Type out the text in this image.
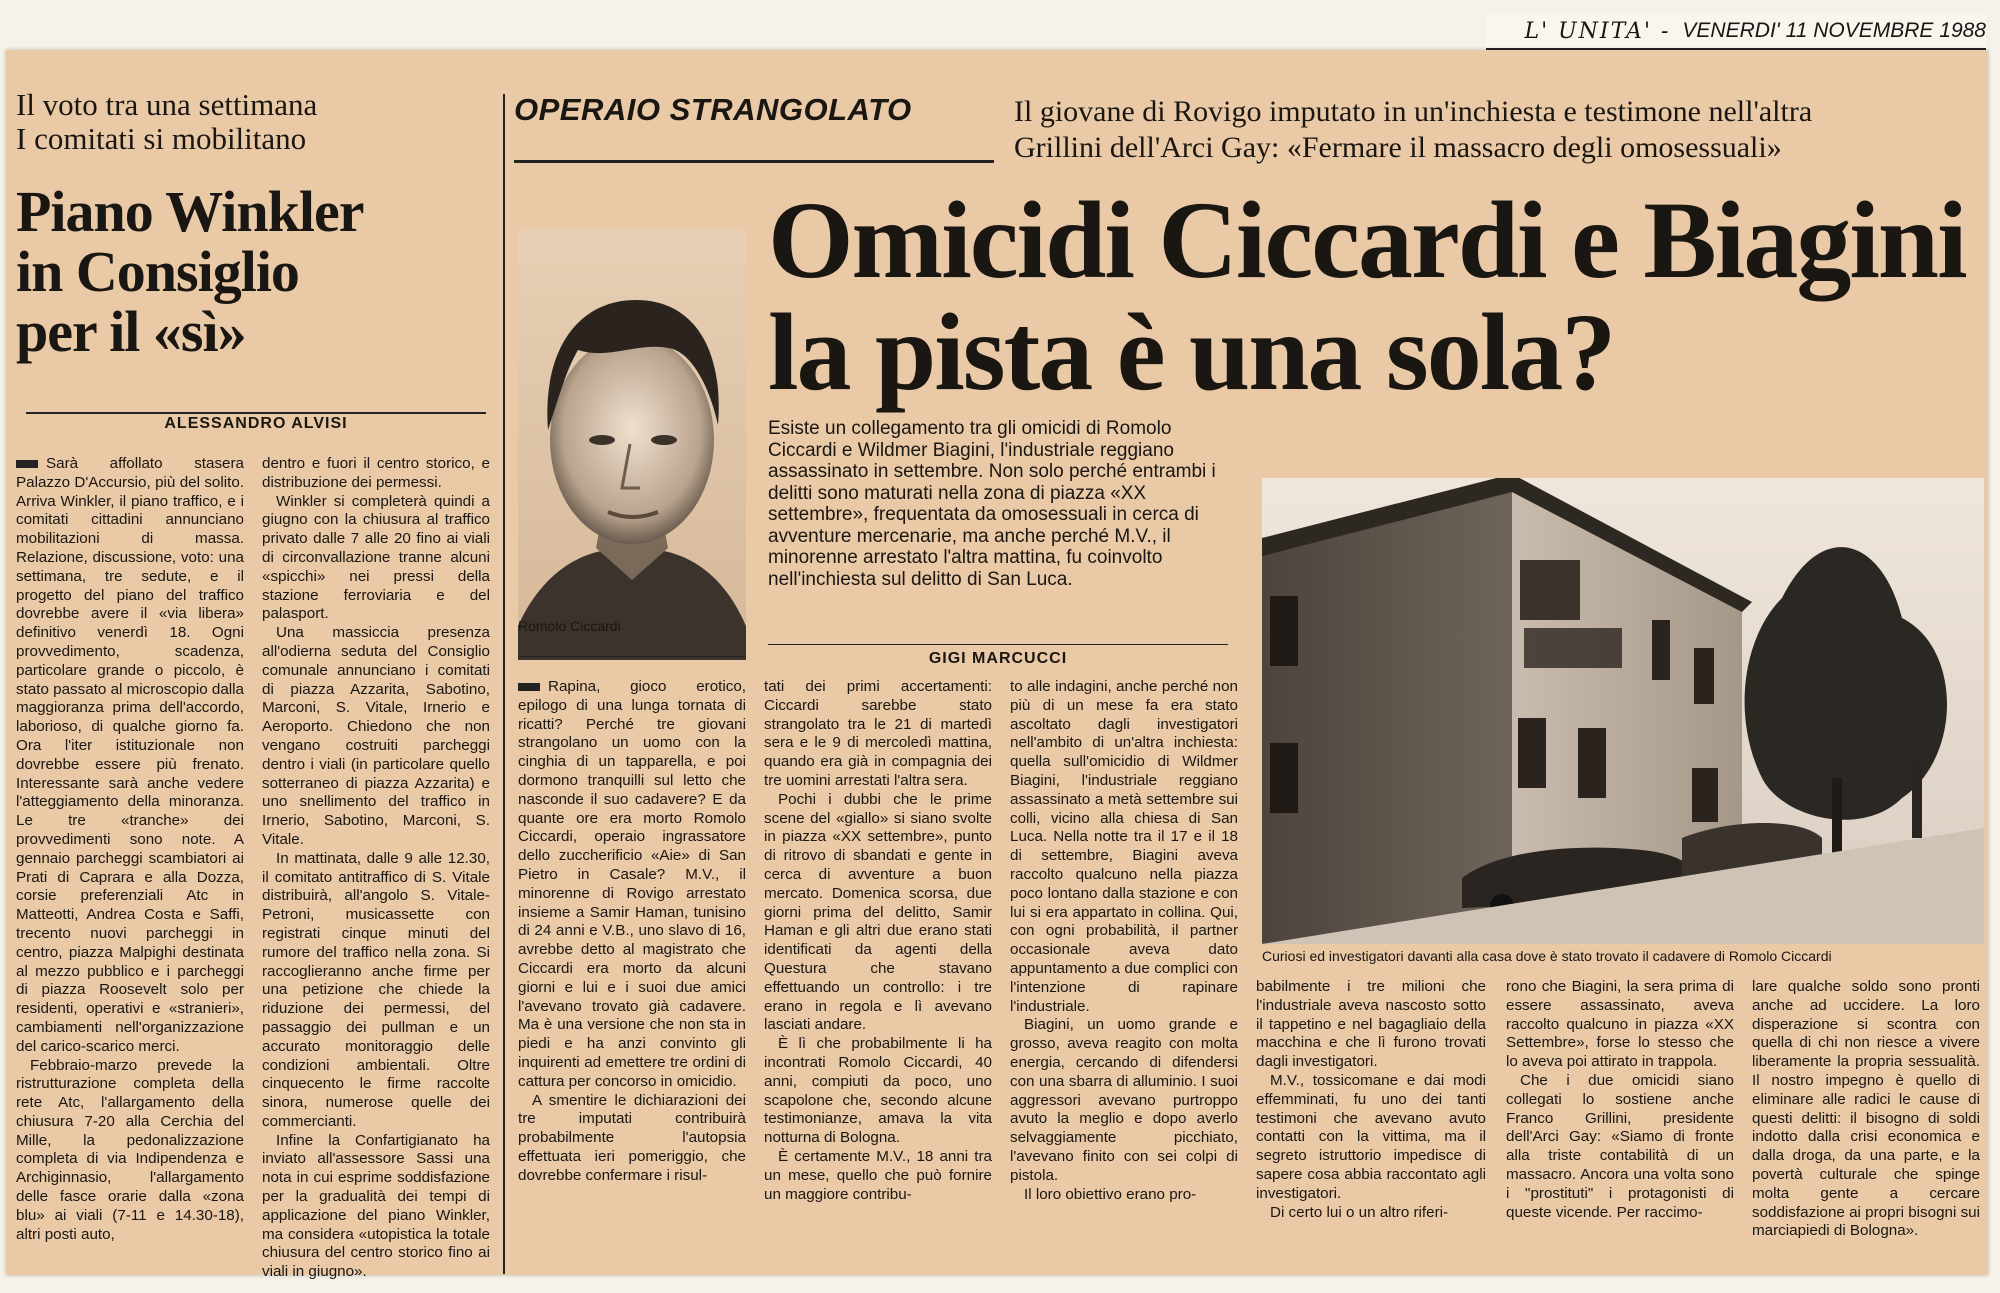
L' UNITA' - VENERDI' 11 NOVEMBRE 1988
Il voto tra una settimana
I comitati si mobilitano
Piano Winkler
in Consiglio
per il «sì»
ALESSANDRO ALVISI

Sarà affollato stasera Palazzo D'Accursio, più del solito. Arriva Winkler, il piano traffico, e i comitati cittadini annunciano mobilitazioni di massa. Relazione, discussione, voto: una settimana, tre sedute, e il progetto del piano del traffico dovrebbe avere il «via libera» definitivo venerdì 18. Ogni provvedimento, scadenza, particolare grande o piccolo, è stato passato al microscopio dalla maggioranza prima dell'accordo, laborioso, di qualche giorno fa. Ora l'iter istituzionale non dovrebbe essere più frenato. Interessante sarà anche vedere l'atteggiamento della minoranza. Le tre «tranche» dei provvedimenti sono note. A gennaio parcheggi scambiatori ai Prati di Caprara e alla Dozza, corsie preferenziali Atc in Matteotti, Andrea Costa e Saffi, trecento nuovi parcheggi in centro, piazza Malpighi destinata al mezzo pubblico e i parcheggi di piazza Roosevelt solo per residenti, operativi e «stranieri», cambiamenti nell'organizzazione del carico-scarico merci.

Febbraio-marzo prevede la ristrutturazione completa della rete Atc, l'allargamento della chiusura 7-20 alla Cerchia del Mille, la pedonalizzazione completa di via Indipendenza e Archiginnasio, l'allargamento delle fasce orarie dalla «zona blu» ai viali (7-11 e 14.30-18), altri posti auto,

dentro e fuori il centro storico, e distribuzione dei permessi.

Winkler si completerà quindi a giugno con la chiusura al traffico privato dalle 7 alle 20 fino ai viali di circonvallazione tranne alcuni «spicchi» nei pressi della stazione ferroviaria e del palasport.

Una massiccia presenza all'odierna seduta del Consiglio comunale annunciano i comitati di piazza Azzarita, Sabotino, Marconi, S. Vitale, Irnerio e Aeroporto. Chiedono che non vengano costruiti parcheggi dentro i viali (in particolare quello sotterraneo di piazza Azzarita) e uno snellimento del traffico in Irnerio, Sabotino, Marconi, S. Vitale.

In mattinata, dalle 9 alle 12.30, il comitato antitraffico di S. Vitale distribuirà, all'angolo S. Vitale-Petroni, musicassette con registrati cinque minuti del rumore del traffico nella zona. Si raccoglieranno anche firme per una petizione che chiede la riduzione dei permessi, del passaggio dei pullman e un accurato monitoraggio delle condizioni ambientali. Oltre cinquecento le firme raccolte sinora, numerose quelle dei commercianti.

Infine la Confartigianato ha inviato all'assessore Sassi una nota in cui esprime soddisfazione per la gradualità dei tempi di applicazione del piano Winkler, ma considera «utopistica la totale chiusura del centro storico fino ai viali in giugno».

OPERAIO STRANGOLATO	Il giovane di Rovigo imputato in un'inchiesta e testimone nell'altra
Grillini dell'Arci Gay: «Fermare il massacro degli omosessuali»
Omicidi Ciccardi e Biagini
la pista è una sola?
Romolo Ciccardi
Esiste un collegamento tra gli omicidi di Romolo Ciccardi e Wildmer Biagini, l'industriale reggiano assassinato in settembre. Non solo perché entrambi i delitti sono maturati nella zona di piazza «XX settembre», frequentata da omosessuali in cerca di avventure mercenarie, ma anche perché M.V., il minorenne arrestato l'altra mattina, fu coinvolto nell'inchiesta sul delitto di San Luca.
Curiosi ed investigatori davanti alla casa dove è stato trovato il cadavere di Romolo Ciccardi
GIGI MARCUCCI

Rapina, gioco erotico, epilogo di una lunga tornata di ricatti? Perché tre giovani strangolano un uomo con la cinghia di un tapparella, e poi dormono tranquilli sul letto che nasconde il suo cadavere? E da quante ore era morto Romolo Ciccardi, operaio ingrassatore dello zuccherificio «Aie» di San Pietro in Casale? M.V., il minorenne di Rovigo arrestato insieme a Samir Haman, tunisino di 24 anni e V.B., uno slavo di 16, avrebbe detto al magistrato che Ciccardi era morto da alcuni giorni e lui e i suoi due amici l'avevano trovato già cadavere. Ma è una versione che non sta in piedi e ha anzi convinto gli inquirenti ad emettere tre ordini di cattura per concorso in omicidio.

A smentire le dichiarazioni dei tre imputati contribuirà probabilmente l'autopsia effettuata ieri pomeriggio, che dovrebbe confermare i risul-

tati dei primi accertamenti: Ciccardi sarebbe stato strangolato tra le 21 di martedì sera e le 9 di mercoledì mattina, quando era già in compagnia dei tre uomini arrestati l'altra sera.

Pochi i dubbi che le prime scene del «giallo» si siano svolte in piazza «XX settembre», punto di ritrovo di sbandati e gente in cerca di avventure a buon mercato. Domenica scorsa, due giorni prima del delitto, Samir Haman e gli altri due erano stati identificati da agenti della Questura che stavano effettuando un controllo: i tre erano in regola e lì avevano lasciati andare.

È lì che probabilmente li ha incontrati Romolo Ciccardi, 40 anni, compiuti da poco, uno scapolone che, secondo alcune testimonianze, amava la vita notturna di Bologna.

È certamente M.V., 18 anni tra un mese, quello che può fornire un maggiore contribu-

to alle indagini, anche perché non più di un mese fa era stato ascoltato dagli investigatori nell'ambito di un'altra inchiesta: quella sull'omicidio di Wildmer Biagini, l'industriale reggiano assassinato a metà settembre sui colli, vicino alla chiesa di San Luca. Nella notte tra il 17 e il 18 di settembre, Biagini aveva raccolto qualcuno nella piazza poco lontano dalla stazione e con lui si era appartato in collina. Qui, con ogni probabilità, il partner occasionale aveva dato appuntamento a due complici con l'intenzione di rapinare l'industriale.

Biagini, un uomo grande e grosso, aveva reagito con molta energia, cercando di difendersi con una sbarra di alluminio. I suoi aggressori avevano purtroppo avuto la meglio e dopo averlo selvaggiamente picchiato, l'avevano finito con sei colpi di pistola.

Il loro obiettivo erano pro-

babilmente i tre milioni che l'industriale aveva nascosto sotto il tappetino e nel bagagliaio della macchina e che lì furono trovati dagli investigatori.

M.V., tossicomane e dai modi effemminati, fu uno dei tanti testimoni che avevano avuto contatti con la vittima, ma il segreto istruttorio impedisce di sapere cosa abbia raccontato agli investigatori.

Di certo lui o un altro riferi-

rono che Biagini, la sera prima di essere assassinato, aveva raccolto qualcuno in piazza «XX Settembre», forse lo stesso che lo aveva poi attirato in trappola.

Che i due omicidi siano collegati lo sostiene anche Franco Grillini, presidente dell'Arci Gay: «Siamo di fronte alla triste contabilità di un massacro. Ancora una volta sono i "prostituti" i protagonisti di queste vicende. Per raccimo-

lare qualche soldo sono pronti anche ad uccidere. La loro disperazione si scontra con quella di chi non riesce a vivere liberamente la propria sessualità. Il nostro impegno è quello di eliminare alle radici le cause di questi delitti: il bisogno di soldi indotto dalla crisi economica e dalla droga, da una parte, e la povertà culturale che spinge molta gente a cercare soddisfazione ai propri bisogni sui marciapiedi di Bologna».
